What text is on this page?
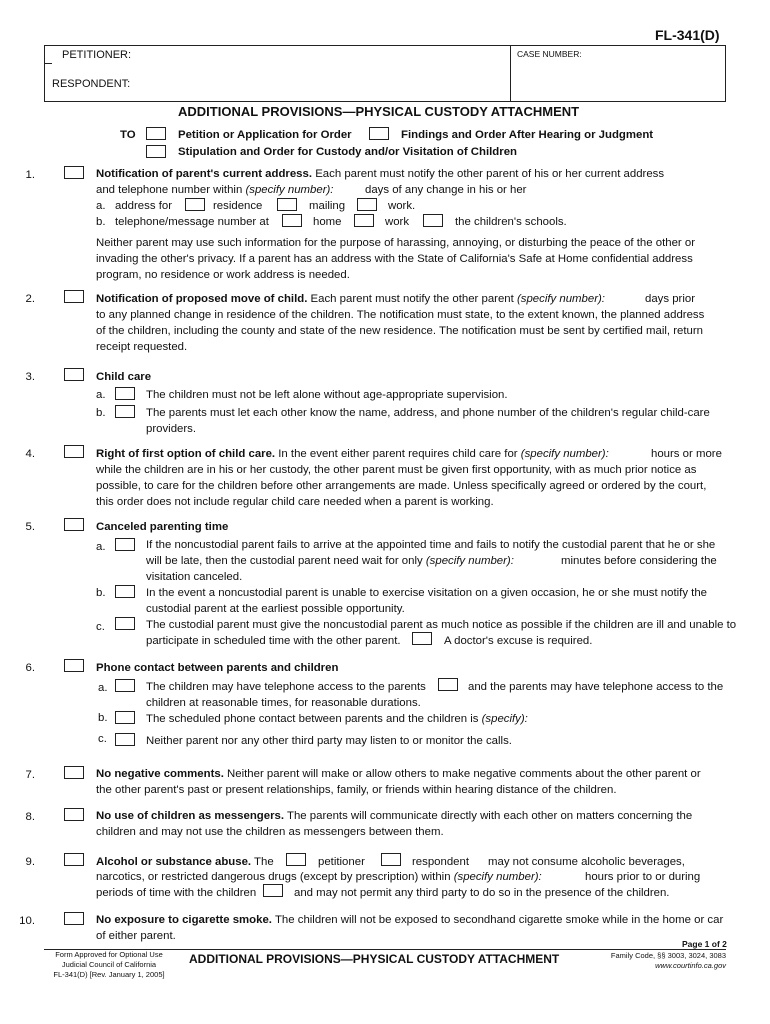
FL-341(D)
PETITIONER:
RESPONDENT:
CASE NUMBER:
ADDITIONAL PROVISIONS—PHYSICAL CUSTODY ATTACHMENT
TO	Petition or Application for Order	Findings and Order After Hearing or Judgment
Stipulation and Order for Custody and/or Visitation of Children
1.	Notification of parent's current address. Each parent must notify the other parent of his or her current address
and telephone number within (specify number):	days of any change in his or her
a. address for	residence	mailing	work.
b. telephone/message number at	home	work	the children's schools.
Neither parent may use such information for the purpose of harassing, annoying, or disturbing the peace of the other or
invading the other's privacy. If a parent has an address with the State of California's Safe at Home confidential address
program, no residence or work address is needed.
2.	Notification of proposed move of child. Each parent must notify the other parent (specify number):	days prior
to any planned change in residence of the children. The notification must state, to the extent known, the planned address
of the children, including the county and state of the new residence. The notification must be sent by certified mail, return
receipt requested.
3.	Child care
a.	The children must not be left alone without age-appropriate supervision.
b.	The parents must let each other know the name, address, and phone number of the children's regular child-care
providers.
4.	Right of first option of child care. In the event either parent requires child care for (specify number):	hours or more
while the children are in his or her custody, the other parent must be given first opportunity, with as much prior notice as
possible, to care for the children before other arrangements are made. Unless specifically agreed or ordered by the court,
this order does not include regular child care needed when a parent is working.
5.	Canceled parenting time
a.	If the noncustodial parent fails to arrive at the appointed time and fails to notify the custodial parent that he or she
will be late, then the custodial parent need wait for only (specify number):	minutes before considering the
visitation canceled.
b.	In the event a noncustodial parent is unable to exercise visitation on a given occasion, he or she must notify the
custodial parent at the earliest possible opportunity.
c.	The custodial parent must give the noncustodial parent as much notice as possible if the children are ill and unable to
participate in scheduled time with the other parent.	A doctor's excuse is required.
6.	Phone contact between parents and children
a.	The children may have telephone access to the parents	and the parents may have telephone access to the
children at reasonable times, for reasonable durations.
b.	The scheduled phone contact between parents and the children is (specify):
c.	Neither parent nor any other third party may listen to or monitor the calls.
7.	No negative comments. Neither parent will make or allow others to make negative comments about the other parent or
the other parent's past or present relationships, family, or friends within hearing distance of the children.
8.	No use of children as messengers. The parents will communicate directly with each other on matters concerning the
children and may not use the children as messengers between them.
9.	Alcohol or substance abuse. The	petitioner	respondent may not consume alcoholic beverages,
narcotics, or restricted dangerous drugs (except by prescription) within (specify number):	hours prior to or during
periods of time with the children	and may not permit any third party to do so in the presence of the children.
10.	No exposure to cigarette smoke. The children will not be exposed to secondhand cigarette smoke while in the home or car
of either parent.
Page 1 of 2
Form Approved for Optional Use
Judicial Council of California
FL-341(D) [Rev. January 1, 2005]
ADDITIONAL PROVISIONS—PHYSICAL CUSTODY ATTACHMENT	Family Code, §§ 3003, 3024, 3083
www.courtinfo.ca.gov
